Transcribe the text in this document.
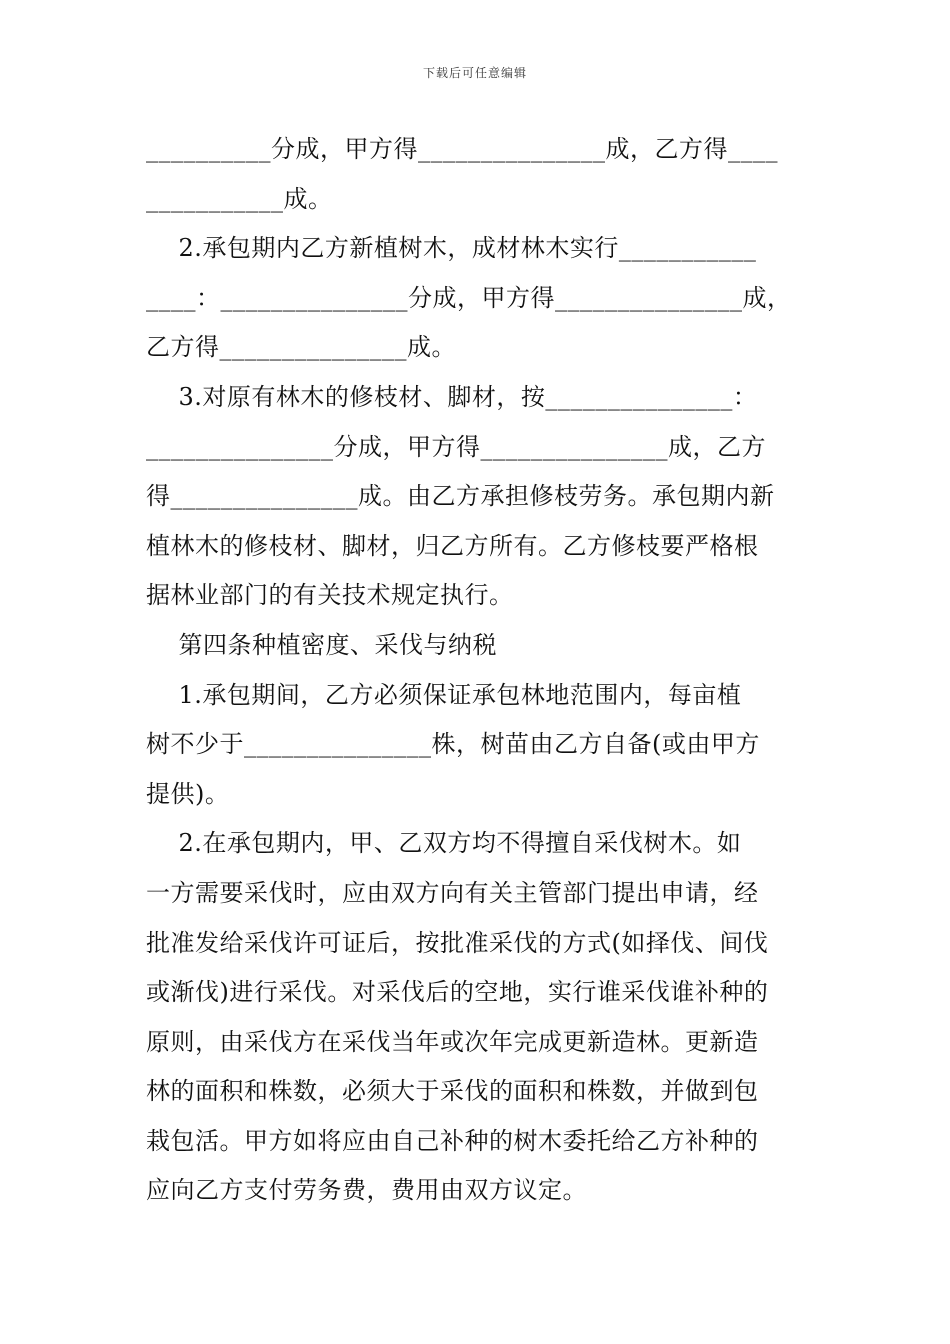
下载后可任意编辑
__________分成，甲方得_______________成，乙方得____
___________成。
2.承包期内乙方新植树木，成材林木实行___________
____：_______________分成，甲方得_______________成，
乙方得_______________成。
3.对原有林木的修枝材、脚材，按_______________：
_______________分成，甲方得_______________成，乙方
得_______________成。由乙方承担修枝劳务。承包期内新
植林木的修枝材、脚材，归乙方所有。乙方修枝要严格根
据林业部门的有关技术规定执行。
第四条种植密度、采伐与纳税
1.承包期间，乙方必须保证承包林地范围内，每亩植
树不少于_______________株，树苗由乙方自备(或由甲方
提供)。
2.在承包期内，甲、乙双方均不得擅自采伐树木。如
一方需要采伐时，应由双方向有关主管部门提出申请，经
批准发给采伐许可证后，按批准采伐的方式(如择伐、间伐
或渐伐)进行采伐。对采伐后的空地，实行谁采伐谁补种的
原则，由采伐方在采伐当年或次年完成更新造林。更新造
林的面积和株数，必须大于采伐的面积和株数，并做到包
栽包活。甲方如将应由自己补种的树木委托给乙方补种的
应向乙方支付劳务费，费用由双方议定。
